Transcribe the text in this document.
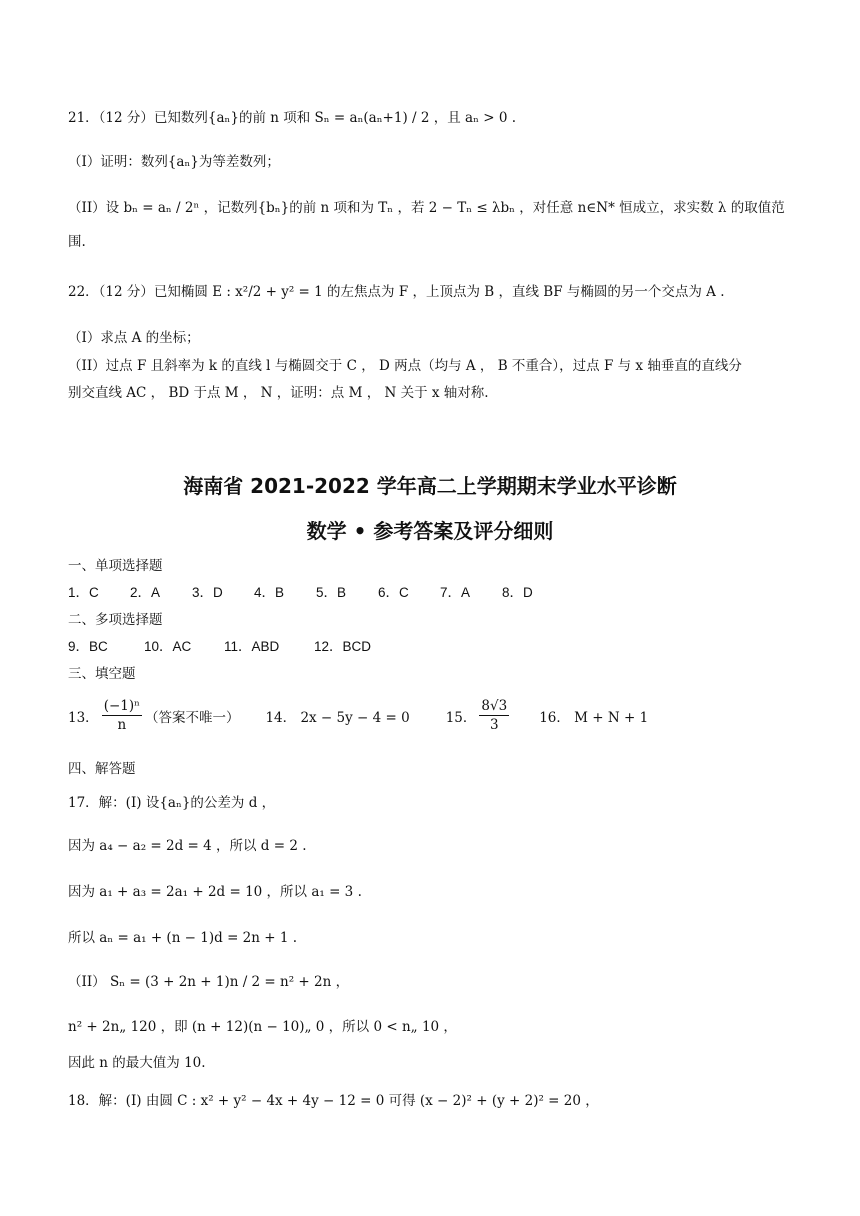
21．（12 分）已知数列{aₙ}的前 n 项和 Sₙ = aₙ(aₙ+1) / 2 ，且 aₙ > 0 .
（I）证明：数列{aₙ}为等差数列；
（II）设 bₙ = aₙ / 2ⁿ ，记数列{bₙ}的前 n 项和为 Tₙ ，若 2 − Tₙ ≤ λbₙ ，对任意 n∈N* 恒成立，求实数 λ 的取值范
围.
22．（12 分）已知椭圆 E : x²/2 + y² = 1 的左焦点为 F ，上顶点为 B ，直线 BF 与椭圆的另一个交点为 A .
（I）求点 A 的坐标；
（II）过点 F 且斜率为 k 的直线 l 与椭圆交于 C ， D 两点（均与 A ， B 不重合），过点 F 与 x 轴垂直的直线分
别交直线 AC ， BD 于点 M ， N ，证明：点 M ， N 关于 x 轴对称.
海南省 2021-2022 学年高二上学期期末学业水平诊断
数学 • 参考答案及评分细则
一、单项选择题
1．C	2．A	3．D	4．B	5．B	6．C	7．A	8．D
二、多项选择题
9．BC	10．AC	11．ABD	12．BCD
三、填空题
13． $\frac{\text{(−1)ⁿ}}{n}$ （答案不唯一） 14． 2x − 5y − 4 = 0	15． $\frac{8√3}{3} 16$． M + N + 1
四、解答题
17．解：(I) 设{aₙ}的公差为 d ，
因为 a₄ − a₂ = 2d = 4 ，所以 d = 2 .
因为 a₁ + a₃ = 2a₁ + 2d = 10 ，所以 a₁ = 3 .
所以 aₙ = a₁ + (n − 1)d = 2n + 1 .
（II） Sₙ = (3 + 2n + 1)n / 2 = n² + 2n ，
n² + 2n„ 120 ，即 (n + 12)(n − 10)„ 0 ，所以 0 < n„ 10 ，
因此 n 的最大值为 10.
18．解：(I) 由圆 C : x² + y² − 4x + 4y − 12 = 0 可得 (x − 2)² + (y + 2)² = 20 ，
